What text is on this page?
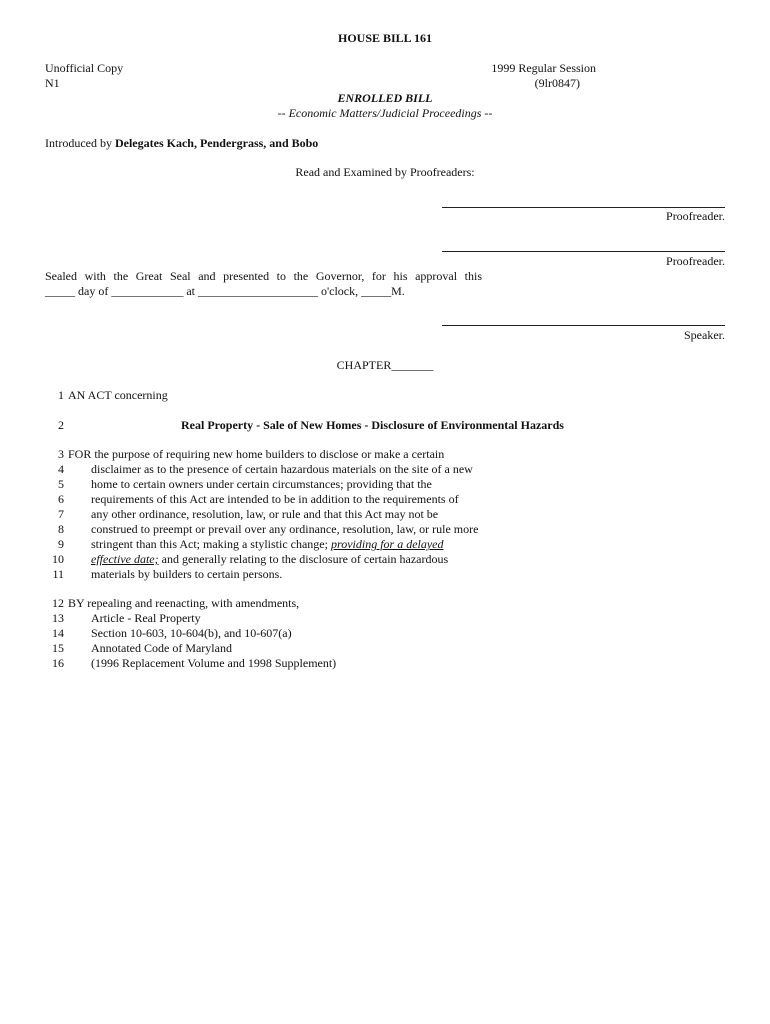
HOUSE BILL 161
Unofficial Copy
N1
1999 Regular Session
(9lr0847)
ENROLLED BILL
-- Economic Matters/Judicial Proceedings --
Introduced by Delegates Kach, Pendergrass, and Bobo
Read and Examined by Proofreaders:
Proofreader.
Proofreader.
Sealed with the Great Seal and presented to the Governor, for his approval this
_____ day of ____________ at ____________________ o'clock, _____M.
Speaker.
CHAPTER_______
1 AN ACT concerning
2	Real Property - Sale of New Homes - Disclosure of Environmental Hazards
3 FOR the purpose of requiring new home builders to disclose or make a certain
4 disclaimer as to the presence of certain hazardous materials on the site of a new
5 home to certain owners under certain circumstances; providing that the
6 requirements of this Act are intended to be in addition to the requirements of
7 any other ordinance, resolution, law, or rule and that this Act may not be
8 construed to preempt or prevail over any ordinance, resolution, law, or rule more
9 stringent than this Act; making a stylistic change; providing for a delayed
10 effective date; and generally relating to the disclosure of certain hazardous
11 materials by builders to certain persons.
12 BY repealing and reenacting, with amendments,
13 Article - Real Property
14 Section 10-603, 10-604(b), and 10-607(a)
15 Annotated Code of Maryland
16 (1996 Replacement Volume and 1998 Supplement)
